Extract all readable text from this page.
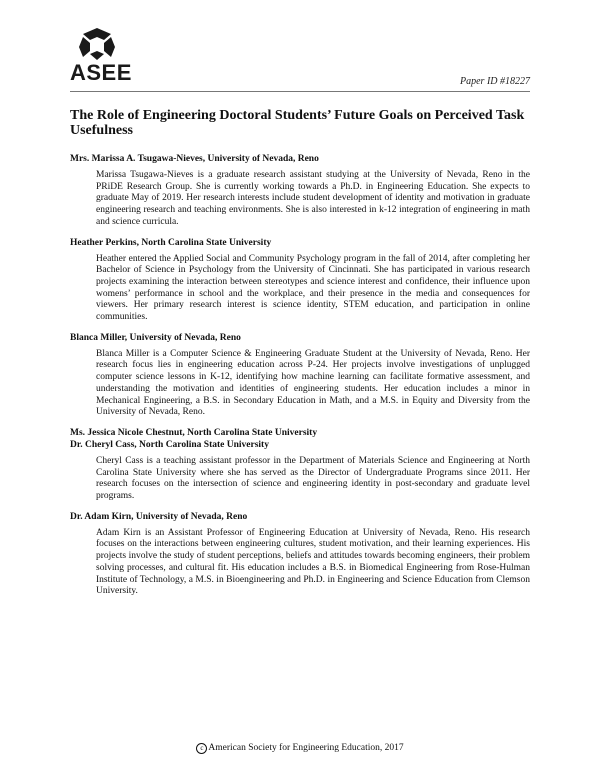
ASEE	Paper ID #18227
The Role of Engineering Doctoral Students’ Future Goals on Perceived Task Usefulness
Mrs. Marissa A. Tsugawa-Nieves, University of Nevada, Reno
Marissa Tsugawa-Nieves is a graduate research assistant studying at the University of Nevada, Reno in the PRiDE Research Group. She is currently working towards a Ph.D. in Engineering Education. She expects to graduate May of 2019. Her research interests include student development of identity and motivation in graduate engineering research and teaching environments. She is also interested in k-12 integration of engineering in math and science curricula.
Heather Perkins, North Carolina State University
Heather entered the Applied Social and Community Psychology program in the fall of 2014, after completing her Bachelor of Science in Psychology from the University of Cincinnati. She has participated in various research projects examining the interaction between stereotypes and science interest and confidence, their influence upon womens’ performance in school and the workplace, and their presence in the media and consequences for viewers. Her primary research interest is science identity, STEM education, and participation in online communities.
Blanca Miller, University of Nevada, Reno
Blanca Miller is a Computer Science & Engineering Graduate Student at the University of Nevada, Reno. Her research focus lies in engineering education across P-24. Her projects involve investigations of unplugged computer science lessons in K-12, identifying how machine learning can facilitate formative assessment, and understanding the motivation and identities of engineering students. Her education includes a minor in Mechanical Engineering, a B.S. in Secondary Education in Math, and a M.S. in Equity and Diversity from the University of Nevada, Reno.
Ms. Jessica Nicole Chestnut, North Carolina State University
Dr. Cheryl Cass, North Carolina State University
Cheryl Cass is a teaching assistant professor in the Department of Materials Science and Engineering at North Carolina State University where she has served as the Director of Undergraduate Programs since 2011. Her research focuses on the intersection of science and engineering identity in post-secondary and graduate level programs.
Dr. Adam Kirn, University of Nevada, Reno
Adam Kirn is an Assistant Professor of Engineering Education at University of Nevada, Reno. His research focuses on the interactions between engineering cultures, student motivation, and their learning experiences. His projects involve the study of student perceptions, beliefs and attitudes towards becoming engineers, their problem solving processes, and cultural fit. His education includes a B.S. in Biomedical Engineering from Rose-Hulman Institute of Technology, a M.S. in Bioengineering and Ph.D. in Engineering and Science Education from Clemson University.
c American Society for Engineering Education, 2017
